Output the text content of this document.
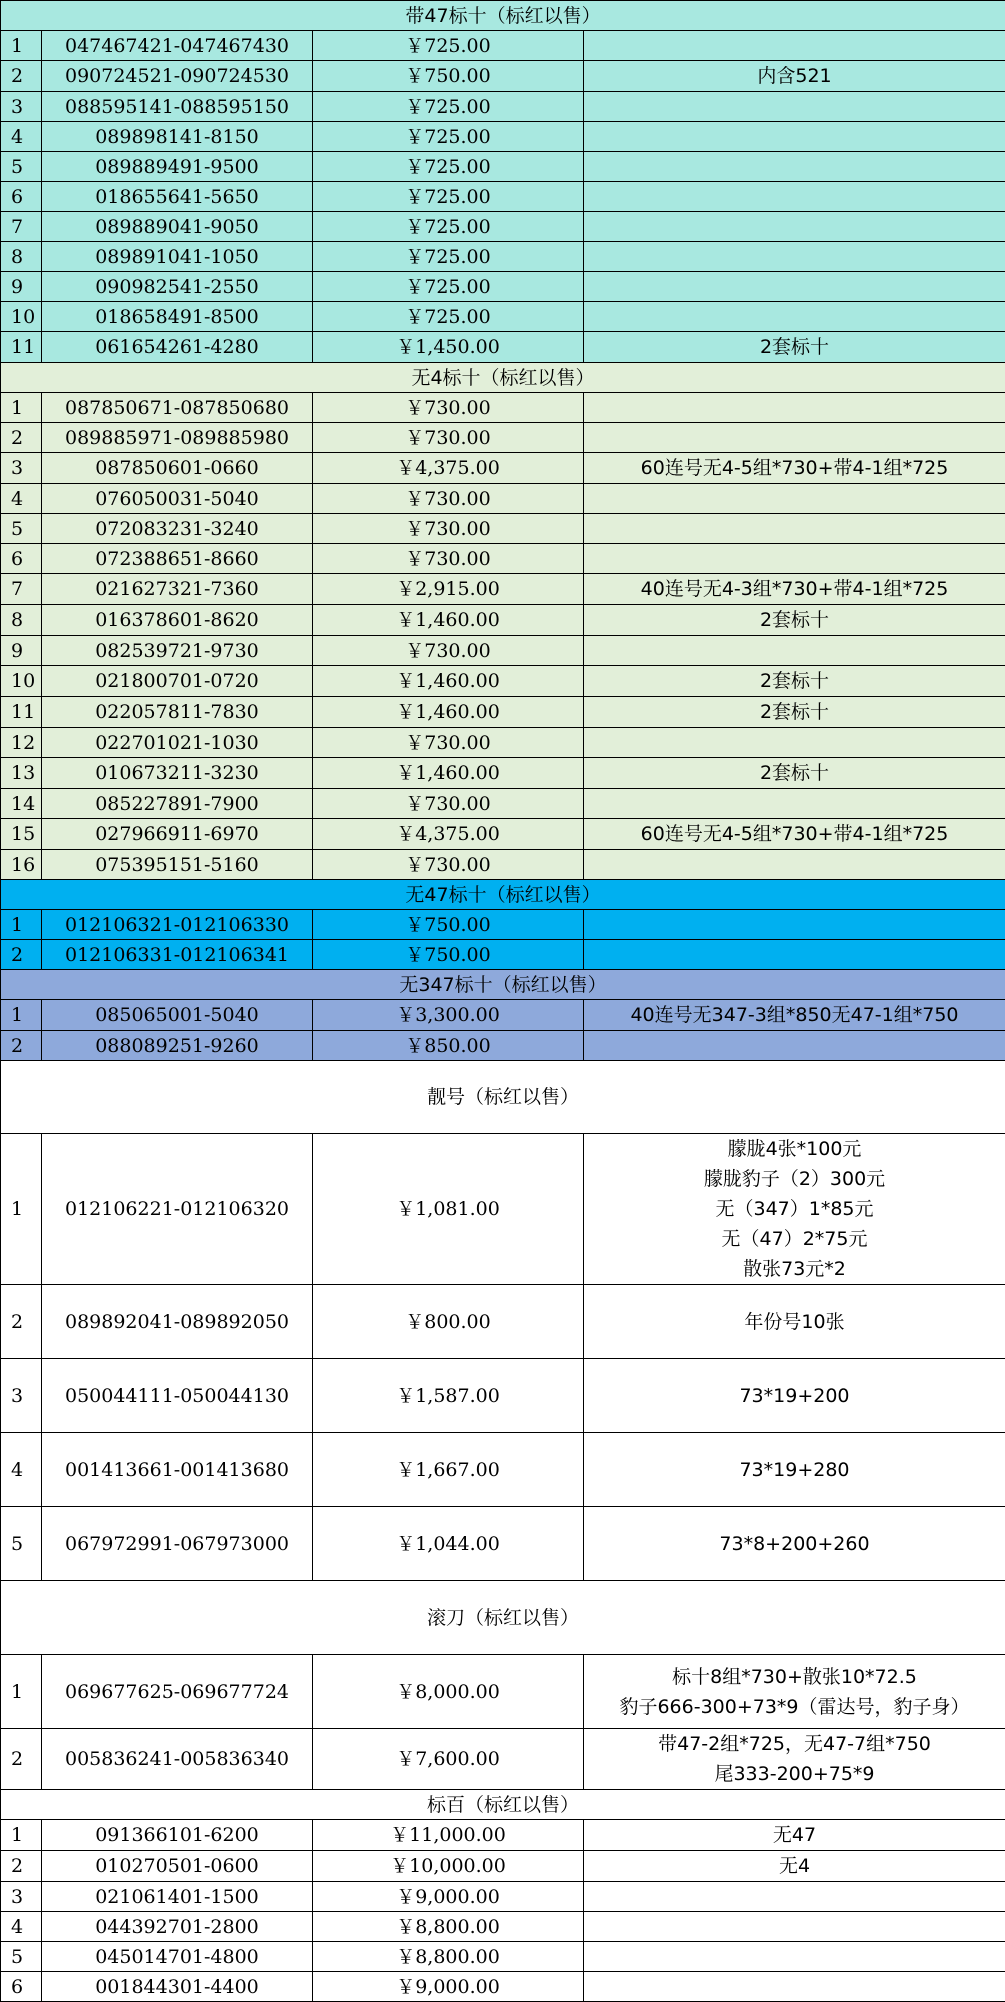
带47标十（标红以售）			
1	047467421-047467430	￥725.00	
2	090724521-090724530	￥750.00	内含521

3	088595141-088595150	￥725.00	
4	089898141-8150	￥725.00	
5	089889491-9500	￥725.00	
6	018655641-5650	￥725.00	
7	089889041-9050	￥725.00	
8	089891041-1050	￥725.00	
9	090982541-2550	￥725.00	
10	018658491-8500	￥725.00	
11	061654261-4280	￥1,450.00	2套标十

无4标十（标红以售）			
1	087850671-087850680	￥730.00	
2	089885971-089885980	￥730.00	
3	087850601-0660	￥4,375.00	60连号无4-5组*730+带4-1组*725

4	076050031-5040	￥730.00	
5	072083231-3240	￥730.00	
6	072388651-8660	￥730.00	
7	021627321-7360	￥2,915.00	40连号无4-3组*730+带4-1组*725

8	016378601-8620	￥1,460.00	2套标十

9	082539721-9730	￥730.00	
10	021800701-0720	￥1,460.00	2套标十

11	022057811-7830	￥1,460.00	2套标十

12	022701021-1030	￥730.00	
13	010673211-3230	￥1,460.00	2套标十

14	085227891-7900	￥730.00	
15	027966911-6970	￥4,375.00	60连号无4-5组*730+带4-1组*725

16	075395151-5160	￥730.00	
无47标十（标红以售）			
1	012106321-012106330	￥750.00	
2	012106331-012106341	￥750.00	
无347标十（标红以售）			
1	085065001-5040	￥3,300.00	40连号无347-3组*850无47-1组*750

2	088089251-9260	￥850.00	
靓号（标红以售）			
1	012106221-012106320	￥1,081.00	朦胧4张*100元
朦胧豹子（2）300元
无（347）1*85元
无（47）2*75元
散张73元*2

2	089892041-089892050	￥800.00	年份号10张

3	050044111-050044130	￥1,587.00	73*19+200

4	001413661-001413680	￥1,667.00	73*19+280

5	067972991-067973000	￥1,044.00	73*8+200+260

滚刀（标红以售）			
1	069677625-069677724	￥8,000.00	标十8组*730+散张10*72.5
豹子666-300+73*9（雷达号，豹子身）

2	005836241-005836340	￥7,600.00	带47-2组*725，无47-7组*750
尾333-200+75*9

标百（标红以售）			
1	091366101-6200	￥11,000.00	无47

2	010270501-0600	￥10,000.00	无4

3	021061401-1500	￥9,000.00	
4	044392701-2800	￥8,800.00	
5	045014701-4800	￥8,800.00	
6	001844301-4400	￥9,000.00	
